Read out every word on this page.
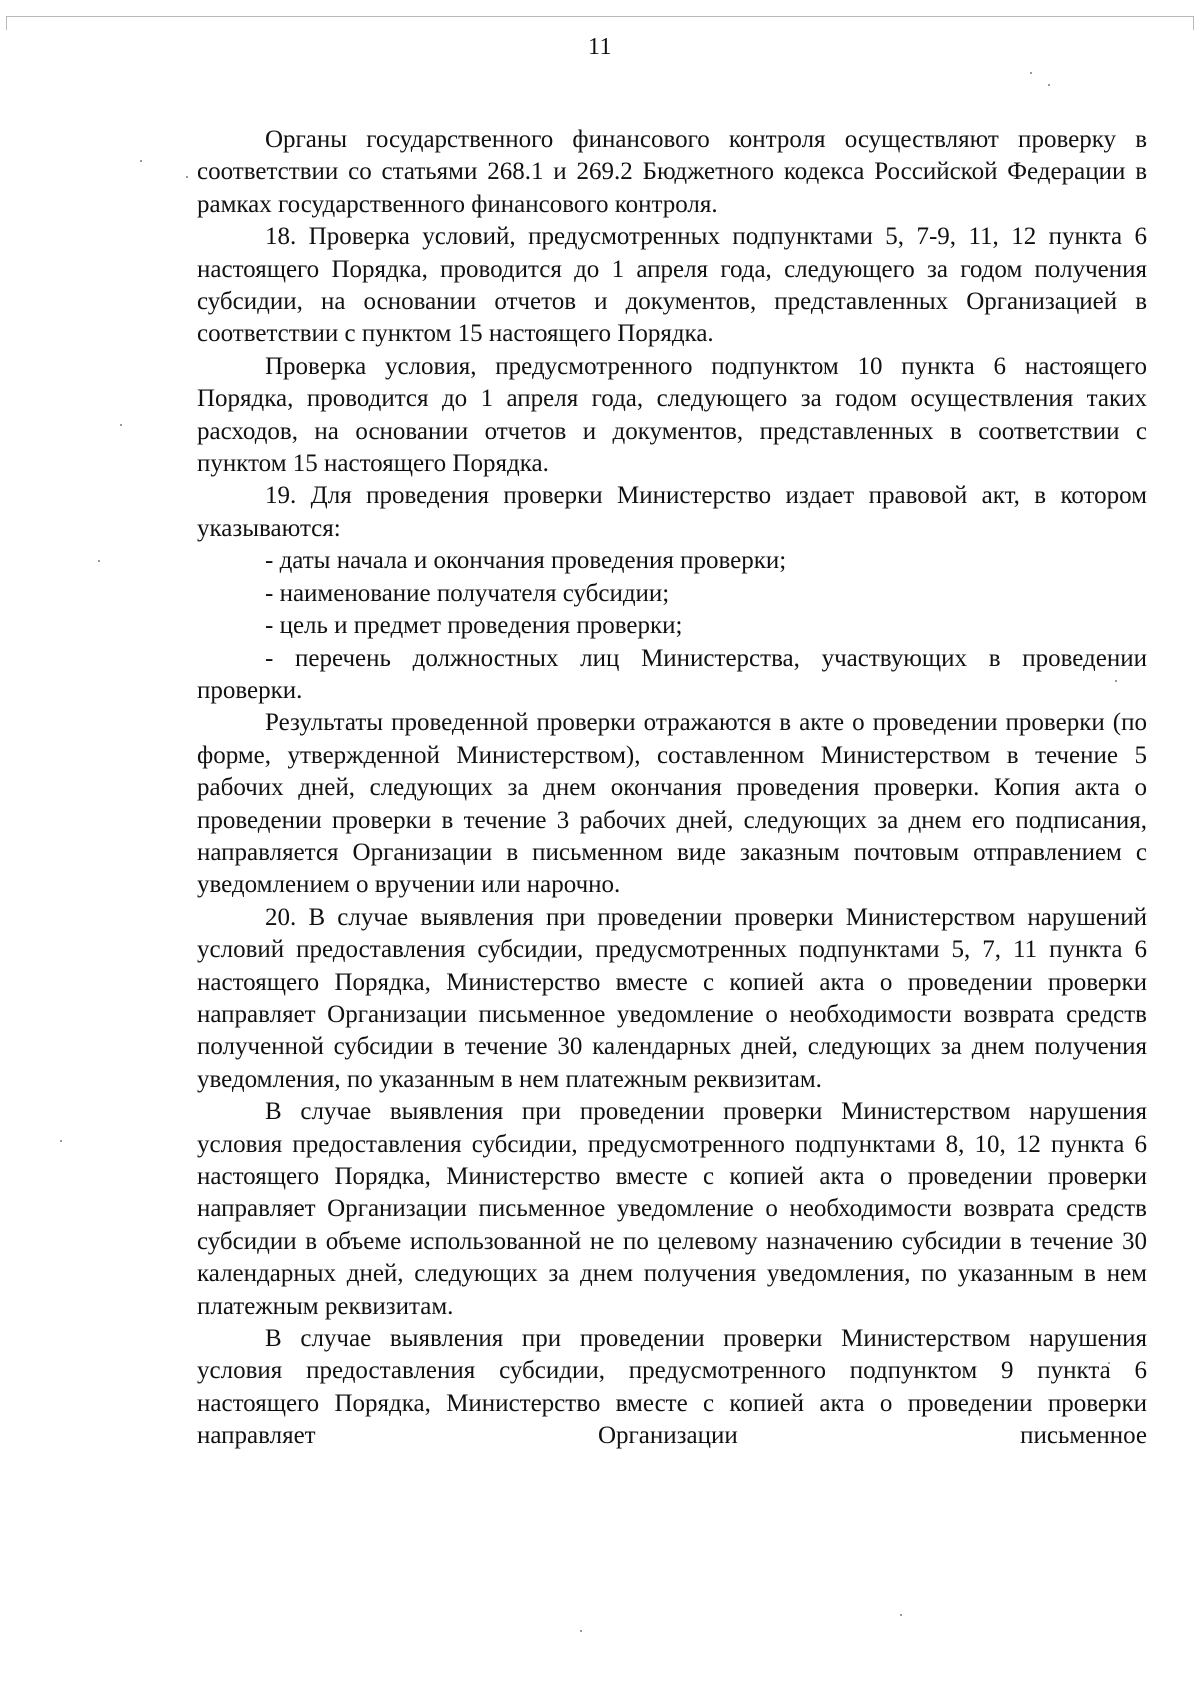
11

Органы государственного финансового контроля осуществляют проверку в соответствии со статьями 268.1 и 269.2 Бюджетного кодекса Российской Федерации в рамках государственного финансового контроля.

18. Проверка условий, предусмотренных подпунктами 5, 7-9, 11, 12 пункта 6 настоящего Порядка, проводится до 1 апреля года, следующего за годом получения субсидии, на основании отчетов и документов, представленных Организацией в соответствии с пунктом 15 настоящего Порядка.

Проверка условия, предусмотренного подпунктом 10 пункта 6 настоящего Порядка, проводится до 1 апреля года, следующего за годом осуществления таких расходов, на основании отчетов и документов, представленных в соответствии с пунктом 15 настоящего Порядка.

19. Для проведения проверки Министерство издает правовой акт, в котором указываются:

- даты начала и окончания проведения проверки;

- наименование получателя субсидии;

- цель и предмет проведения проверки;

- перечень должностных лиц Министерства, участвующих в проведении проверки.

Результаты проведенной проверки отражаются в акте о проведении проверки (по форме, утвержденной Министерством), составленном Министерством в течение 5 рабочих дней, следующих за днем окончания проведения проверки. Копия акта о проведении проверки в течение 3 рабочих дней, следующих за днем его подписания, направляется Организации в письменном виде заказным почтовым отправлением с уведомлением о вручении или нарочно.

20. В случае выявления при проведении проверки Министерством нарушений условий предоставления субсидии, предусмотренных подпунктами 5, 7, 11 пункта 6 настоящего Порядка, Министерство вместе с копией акта о проведении проверки направляет Организации письменное уведомление о необходимости возврата средств полученной субсидии в течение 30 календарных дней, следующих за днем получения уведомления, по указанным в нем платежным реквизитам.

В случае выявления при проведении проверки Министерством нарушения условия предоставления субсидии, предусмотренного подпунктами 8, 10, 12 пункта 6 настоящего Порядка, Министерство вместе с копией акта о проведении проверки направляет Организации письменное уведомление о необходимости возврата средств субсидии в объеме использованной не по целевому назначению субсидии в течение 30 календарных дней, следующих за днем получения уведомления, по указанным в нем платежным реквизитам.

В случае выявления при проведении проверки Министерством нарушения условия предоставления субсидии, предусмотренного подпунктом 9 пункта 6 настоящего Порядка, Министерство вместе с копией акта о проведении проверки направляет Организации письменное
